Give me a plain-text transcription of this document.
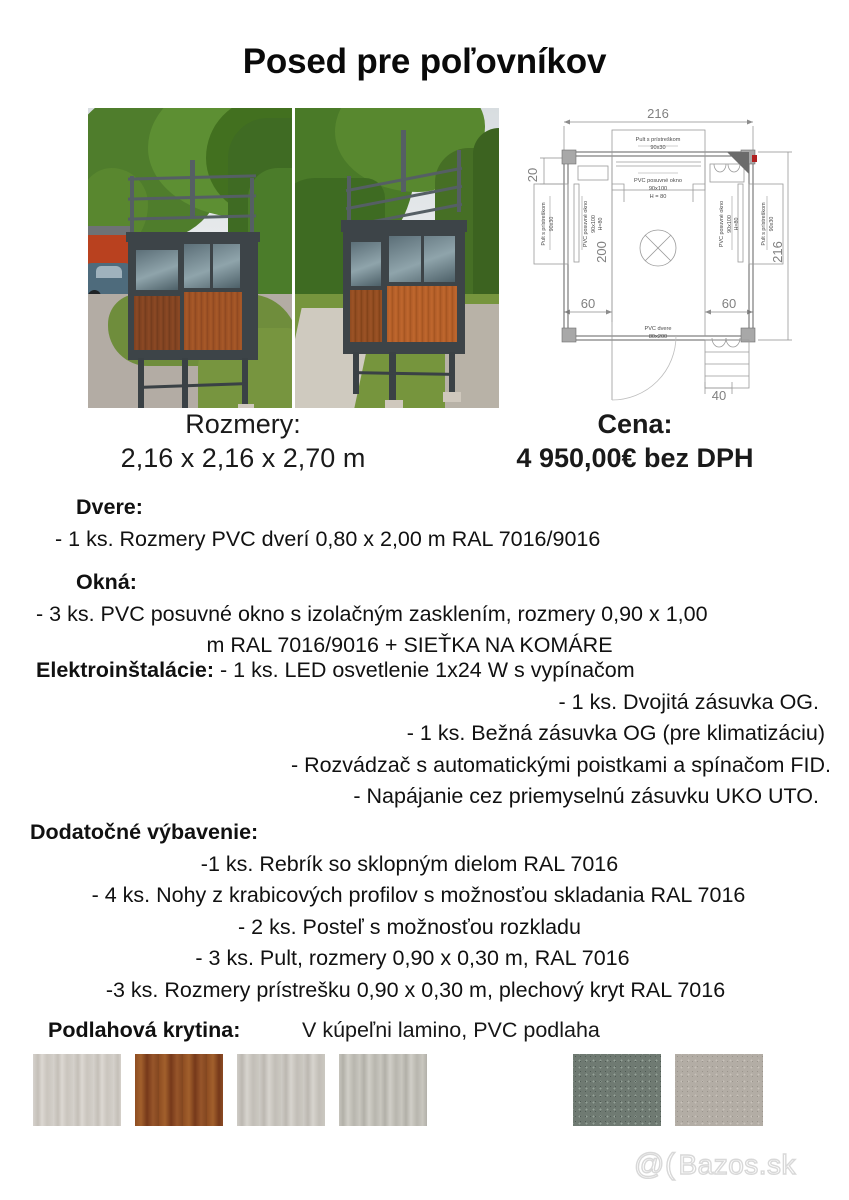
Posed pre poľovníkov
216
20
200	216
60	60
40
Pult s prístreškom
90x30
PVC posuvné okno
90x100
H = 80
Pult s prístreškom 90x30	PVC posuvné okno 90x100 H=80	PVC posuvné okno 90x100 H=80	Pult s prístreškom 90x30
PVC dvere
80x200
Rozmery:
2,16 x 2,16 x 2,70 m
Cena:
4 950,00€ bez DPH
Dvere:
- 1 ks. Rozmery PVC dverí 0,80 x 2,00 m RAL 7016/9016
Okná:
- 3 ks. PVC posuvné okno s izolačným zasklením, rozmery 0,90 x 1,00
m RAL 7016/9016 + SIEŤKA NA KOMÁRE
Elektroinštalácie: - 1 ks. LED osvetlenie 1x24 W s vypínačom
- 1 ks. Dvojitá zásuvka OG.
- 1 ks. Bežná zásuvka OG (pre klimatizáciu)
- Rozvádzač s automatickými poistkami a spínačom FID.
- Napájanie cez priemyselnú zásuvku UKO UTO.
Dodatočné výbavenie:
-1 ks. Rebrík so sklopným dielom RAL 7016
- 4 ks. Nohy z krabicových profilov s možnosťou skladania RAL 7016
- 2 ks. Posteľ s možnosťou rozkladu
- 3 ks. Pult, rozmery 0,90 x 0,30 m, RAL 7016
-3 ks. Rozmery prístrešku 0,90 x 0,30 m, plechový kryt RAL 7016
Podlahová krytina:	V kúpeľni lamino, PVC podlaha
@( Bazos.sk
